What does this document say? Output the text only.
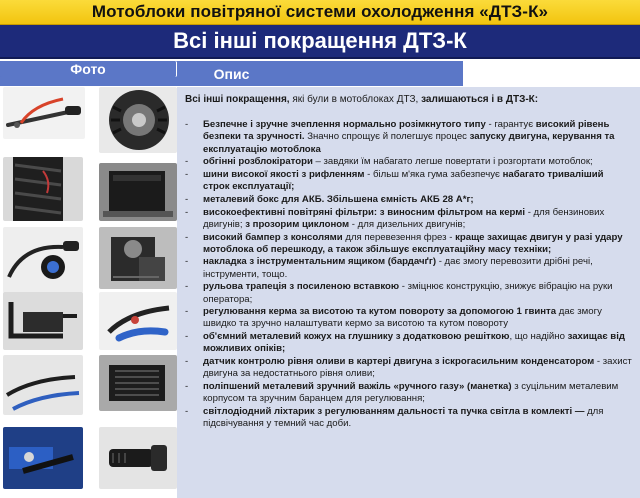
Мотоблоки повітряної системи охолодження «ДТЗ-К»
Всі інші покращення ДТЗ-К
Фото	Опис

Всі інші покращення, які були в мотоблоках ДТЗ, залишаються і в ДТЗ-К:

-	Безпечне і зручне зчеплення нормально розімкнутого типу - гарантує високий рівень безпеки та зручності. Значно спрощує й полегшує процес запуску двигуна, керування та експлуатацію мотоблока
-	обгінні розблокіратори – завдяки їм набагато легше повертати і розгортати мотоблок;
-	шини високої якості з рифленням - більш м'яка гума забезпечує набагато триваліший строк експлуатації;
-	металевий бокс для АКБ. Збільшена ємність АКБ 28 А*г;
-	високоефективні повітряні фільтри: з виносним фільтром на кермі - для бензинових двигунів; з прозорим циклоном - для дизельних двигунів;
-	високий бампер з консолями для перевезення фрез - краще захищає двигун у разі удару мотоблока об перешкоду, а також збільшує експлуатаційну масу техніки;
-	накладка з інструментальним ящиком (бардачґг) - дає змогу перевозити дрібні речі, інструменти, тощо.
-	рульова трапеція з посиленою вставкою - зміцнює конструкцію, знижує вібрацію на руки оператора;
-	регулювання керма за висотою та кутом повороту за допомогою 1 гвинта дає змогу швидко та зручно налаштувати кермо за висотою та кутом повороту
-	об'ємний металевий кожух на глушнику з додатковою решіткою, що надійно захищає від можливих опіків;
-	датчик контролю рівня оливи в картері двигуна з іскрогасильним конденсатором - захист двигуна за недостатнього рівня оливи;
-	поліпшений металевий зручний важіль «ручного газу» (манетка) з суцільним металевим корпусом та зручним баранцем для регулювання;
-	світлодіодний ліхтарик з регулюванням дальності та пучка світла в комлекті — для підсвічування у темний час доби.
